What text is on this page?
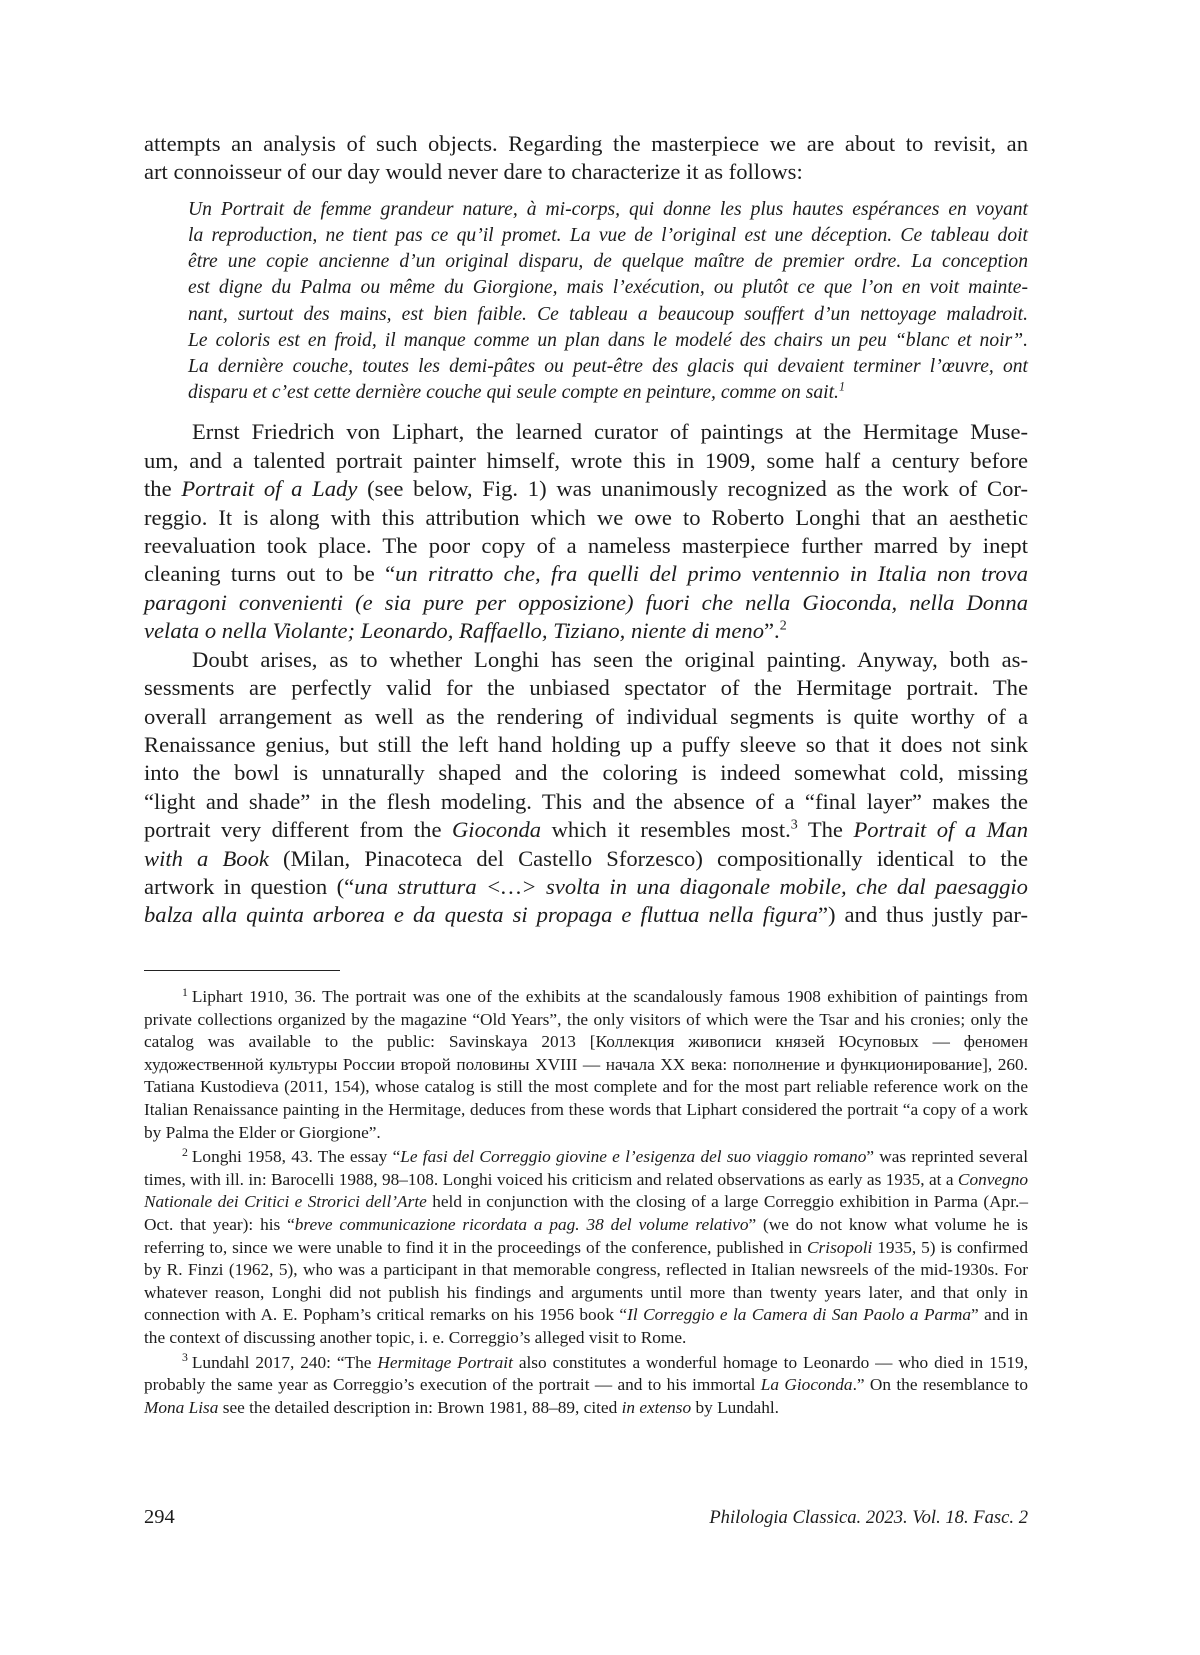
attempts an analysis of such objects. Regarding the masterpiece we are about to revisit, an
art connoisseur of our day would never dare to characterize it as follows:

Un Portrait de femme grandeur nature, à mi-corps, qui donne les plus hautes espérances en voyant
la reproduction, ne tient pas ce qu’il promet. La vue de l’original est une déception. Ce tableau doit
être une copie ancienne d’un original disparu, de quelque maître de premier ordre. La conception
est digne du Palma ou même du Giorgione, mais l’exécution, ou plutôt ce que l’on en voit mainte-
nant, surtout des mains, est bien faible. Ce tableau a beaucoup souffert d’un nettoyage maladroit.
Le coloris est en froid, il manque comme un plan dans le modelé des chairs un peu “blanc et noir”.
La dernière couche, toutes les demi-pâtes ou peut-être des glacis qui devaient terminer l’œuvre, ont
disparu et c’est cette dernière couche qui seule compte en peinture, comme on sait.$^1$

Ernst Friedrich von Liphart, the learned curator of paintings at the Hermitage Muse-
um, and a talented portrait painter himself, wrote this in 1909, some half a century before
the Portrait of a Lady (see below, Fig. 1) was unanimously recognized as the work of Cor-
reggio. It is along with this attribution which we owe to Roberto Longhi that an aesthetic
reevaluation took place. The poor copy of a nameless masterpiece further marred by inept
cleaning turns out to be “un ritratto che, fra quelli del primo ventennio in Italia non trova
paragoni convenienti (e sia pure per opposizione) fuori che nella Gioconda, nella Donna
velata o nella Violante; Leonardo, Raffaello, Tiziano, niente di meno”.$^2$

Doubt arises, as to whether Longhi has seen the original painting. Anyway, both as-
sessments are perfectly valid for the unbiased spectator of the Hermitage portrait. The
overall arrangement as well as the rendering of individual segments is quite worthy of a
Renaissance genius, but still the left hand holding up a puffy sleeve so that it does not sink
into the bowl is unnaturally shaped and the coloring is indeed somewhat cold, missing
“light and shade” in the flesh modeling. This and the absence of a “final layer” makes the
portrait very different from the Gioconda which it resembles most.$^3$ The Portrait of a Man
with a Book (Milan, Pinacoteca del Castello Sforzesco) compositionally identical to the
artwork in question (“una struttura <…> svolta in una diagonale mobile, che dal paesaggio
balza alla quinta arborea e da questa si propaga e fluttua nella figura”) and thus justly par-

$^1$ Liphart 1910, 36. The portrait was one of the exhibits at the scandalously famous 1908 exhibition of paintings from private collections organized by the magazine “Old Years”, the only visitors of which were the Tsar and his cronies; only the catalog was available to the public: Savinskaya 2013 [Коллекция живописи князей Юсуповых — феномен художественной культуры России второй половины XVIII — начала XX века: пополнение и функционирование], 260. Tatiana Kustodieva (2011, 154), whose catalog is still the most complete and for the most part reliable reference work on the Italian Renaissance painting in the Hermitage, deduces from these words that Liphart considered the portrait “a copy of a work by Palma the Elder or Giorgione”.

$^2$ Longhi 1958, 43. The essay “Le fasi del Correggio giovine e l’esigenza del suo viaggio romano” was reprinted several times, with ill. in: Barocelli 1988, 98–108. Longhi voiced his criticism and related observations as early as 1935, at a Convegno Nationale dei Critici e Strorici dell’Arte held in conjunction with the closing of a large Correggio exhibition in Parma (Apr.–Oct. that year): his “breve communicazione ricordata a pag. 38 del volume relativo” (we do not know what volume he is referring to, since we were unable to find it in the proceedings of the conference, published in Crisopoli 1935, 5) is confirmed by R. Finzi (1962, 5), who was a participant in that memorable congress, reflected in Italian newsreels of the mid-1930s. For whatever reason, Longhi did not publish his findings and arguments until more than twenty years later, and that only in connection with A. E. Popham’s critical remarks on his 1956 book “Il Correggio e la Camera di San Paolo a Parma” and in the context of discussing another topic, i. e. Correggio’s alleged visit to Rome.

$^3$ Lundahl 2017, 240: “The Hermitage Portrait also constitutes a wonderful homage to Leonardo — who died in 1519, probably the same year as Correggio’s execution of the portrait — and to his immortal La Gioconda.” On the resemblance to Mona Lisa see the detailed description in: Brown 1981, 88–89, cited in extenso by Lundahl.

294	Philologia Classica. 2023. Vol. 18. Fasc. 2
